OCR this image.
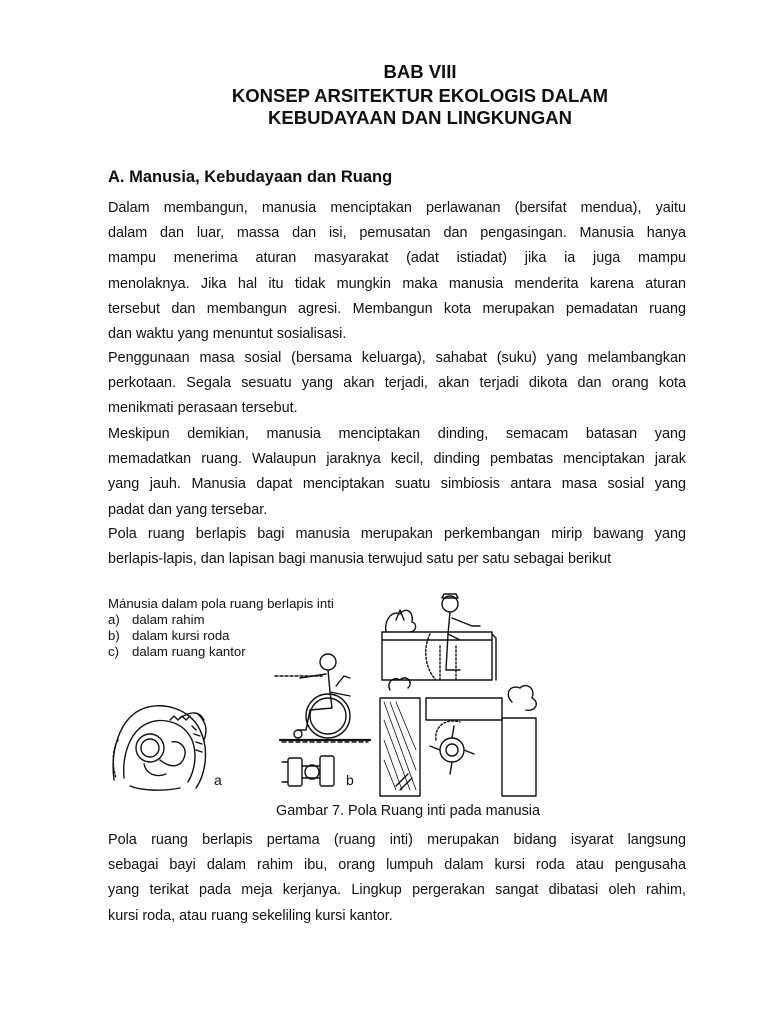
BAB VIII
KONSEP ARSITEKTUR EKOLOGIS DALAM
KEBUDAYAAN DAN LINGKUNGAN
A. Manusia, Kebudayaan dan Ruang
Dalam membangun, manusia menciptakan perlawanan (bersifat mendua), yaitu
dalam dan luar, massa dan isi, pemusatan dan pengasingan. Manusia hanya
mampu menerima aturan masyarakat (adat istiadat) jika ia juga mampu
menolaknya. Jika hal itu tidak mungkin maka manusia menderita karena aturan
tersebut dan membangun agresi. Membangun kota merupakan pemadatan ruang
dan waktu yang menuntut sosialisasi.
Penggunaan masa sosial (bersama keluarga), sahabat (suku) yang melambangkan
perkotaan. Segala sesuatu yang akan terjadi, akan terjadi dikota dan orang kota
menikmati perasaan tersebut.
Meskipun demikian, manusia menciptakan dinding, semacam batasan yang
memadatkan ruang. Walaupun jaraknya kecil, dinding pembatas menciptakan jarak
yang jauh. Manusia dapat menciptakan suatu simbiosis antara masa sosial yang
padat dan yang tersebar.
Pola ruang berlapis bagi manusia merupakan perkembangan mirip bawang yang
berlapis-lapis, dan lapisan bagi manusia terwujud satu per satu sebagai berikut
Mánusia dalam pola ruang berlapis inti
a) dalam rahim
b) dalam kursi roda
c) dalam ruang kantor
a	b
Gambar 7. Pola Ruang inti pada manusia
Pola ruang berlapis pertama (ruang inti) merupakan bidang isyarat langsung
sebagai bayi dalam rahim ibu, orang lumpuh dalam kursi roda atau pengusaha
yang terikat pada meja kerjanya. Lingkup pergerakan sangat dibatasi oleh rahim,
kursi roda, atau ruang sekeliling kursi kantor.
